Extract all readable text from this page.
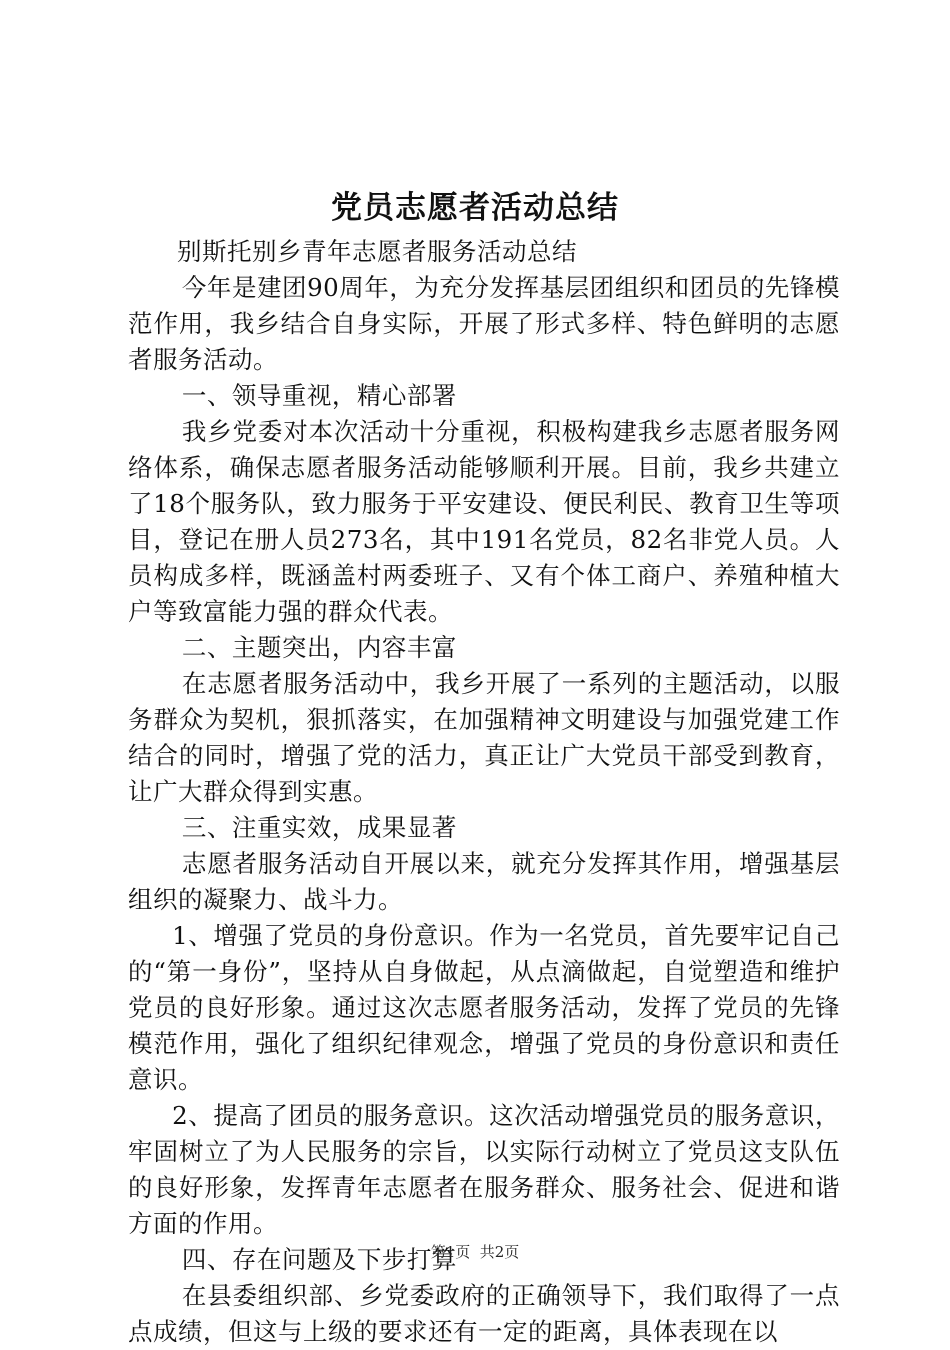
党员志愿者活动总结

别斯托别乡青年志愿者服务活动总结

今年是建团90周年，为充分发挥基层团组织和团员的先锋模范作用，我乡结合自身实际，开展了形式多样、特色鲜明的志愿者服务活动。

一、领导重视，精心部署

我乡党委对本次活动十分重视，积极构建我乡志愿者服务网络体系，确保志愿者服务活动能够顺利开展。目前，我乡共建立了18个服务队，致力服务于平安建设、便民利民、教育卫生等项目，登记在册人员273名，其中191名党员，82名非党人员。人员构成多样，既涵盖村两委班子、又有个体工商户、养殖种植大户等致富能力强的群众代表。

二、主题突出，内容丰富

在志愿者服务活动中，我乡开展了一系列的主题活动，以服务群众为契机，狠抓落实，在加强精神文明建设与加强党建工作结合的同时，增强了党的活力，真正让广大党员干部受到教育，让广大群众得到实惠。

三、注重实效，成果显著

志愿者服务活动自开展以来，就充分发挥其作用，增强基层组织的凝聚力、战斗力。

1、增强了党员的身份意识。作为一名党员，首先要牢记自己的“第一身份”，坚持从自身做起，从点滴做起，自觉塑造和维护党员的良好形象。通过这次志愿者服务活动，发挥了党员的先锋模范作用，强化了组织纪律观念，增强了党员的身份意识和责任意识。

2、提高了团员的服务意识。这次活动增强党员的服务意识，牢固树立了为人民服务的宗旨，以实际行动树立了党员这支队伍的良好形象，发挥青年志愿者在服务群众、服务社会、促进和谐方面的作用。

四、存在问题及下步打算

在县委组织部、乡党委政府的正确领导下，我们取得了一点点成绩，但这与上级的要求还有一定的距离，具体表现在以

第1页  共2页
